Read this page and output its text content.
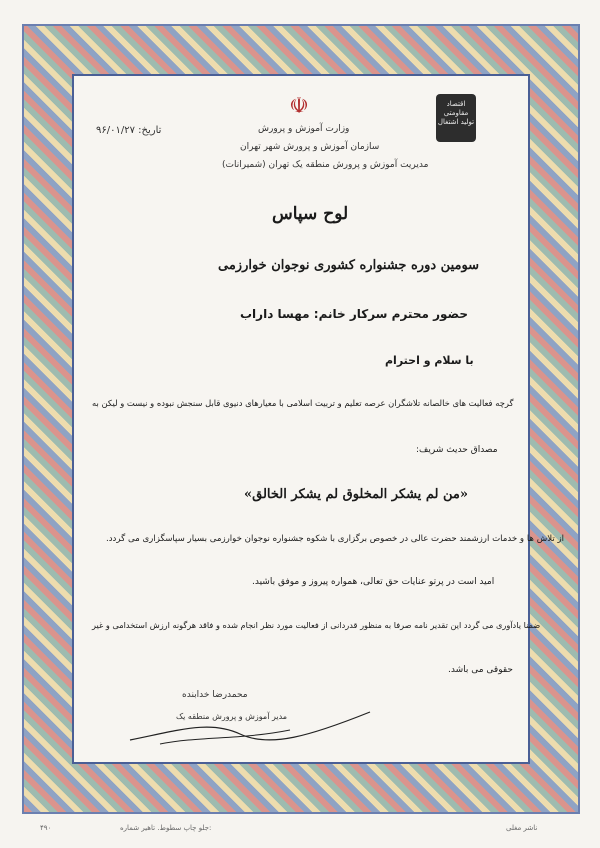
اقتصاد مقاومتی تولید اشتغال
☫
تاریخ: ۹۶/۰۱/۲۷	وزارت آموزش و پرورش
سازمان آموزش و پرورش شهر تهران
مدیریت آموزش و پرورش منطقه یک تهران (شمیرانات)
لوح سپاس
سومین دوره جشنواره کشوری نوجوان خوارزمی
حضور محترم سرکار خانم: مهسا داراب
با سلام و احترام
گرچه فعالیت های خالصانه تلاشگران عرصه تعلیم و تربیت اسلامی با معیارهای دنیوی قابل سنجش نبوده و نیست و لیکن به
مصداق حدیث شریف:
«من لم یشکر المخلوق لم یشکر الخالق»
از تلاش ها و خدمات ارزشمند حضرت عالی در خصوص برگزاری با شکوه جشنواره نوجوان خوارزمی بسیار سپاسگزاری می گردد.
امید است در پرتو عنایات حق تعالی، همواره پیروز و موفق باشید.
ضمنا یادآوری می گردد این تقدیر نامه صرفا به منظور قدردانی از فعالیت مورد نظر انجام شده و فاقد هرگونه ارزش استخدامی و غیر
حقوقی می باشد.
محمدرضا خدابنده
مدیر آموزش و پرورش منطقه یک
۴۹۰	جلو چاپ سطوط. تاهیر شماره:	ناشر مغلی
